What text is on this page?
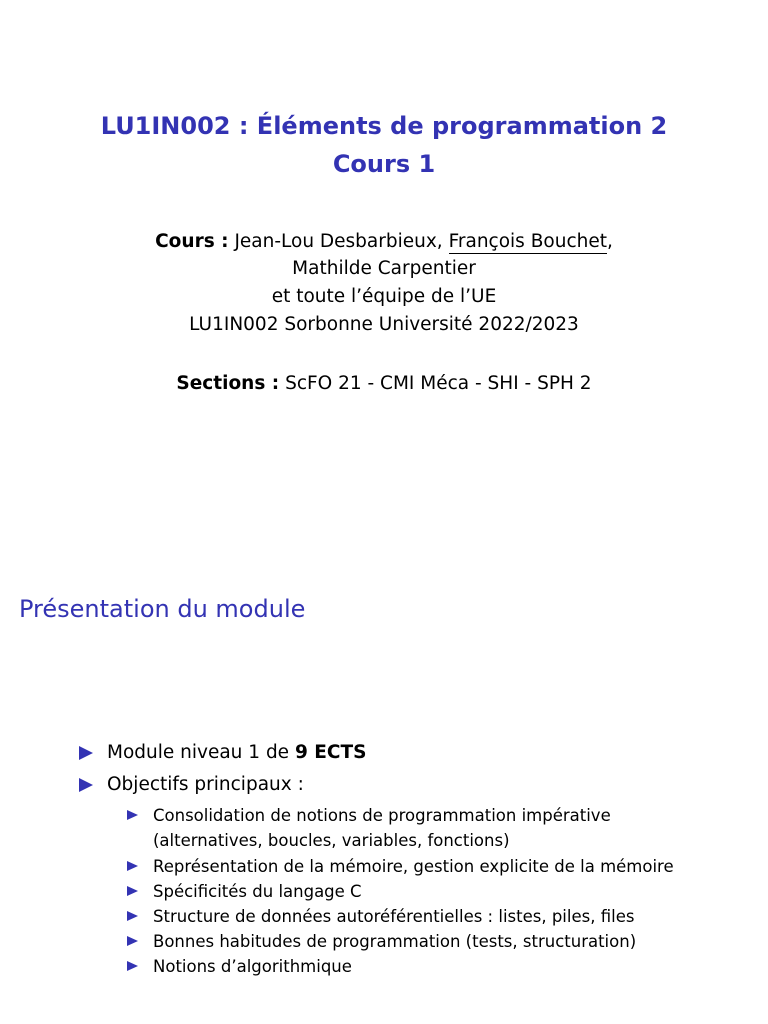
LU1IN002 : Éléments de programmation 2
Cours 1
Cours : Jean-Lou Desbarbieux, François Bouchet,
Mathilde Carpentier
et toute l’équipe de l’UE
LU1IN002 Sorbonne Université 2022/2023
Sections : ScFO 21 - CMI Méca - SHI - SPH 2
Présentation du module
Module niveau 1 de 9 ECTS
Objectifs principaux :
Consolidation de notions de programmation impérative
(alternatives, boucles, variables, fonctions)
Représentation de la mémoire, gestion explicite de la mémoire
Spécificités du langage C
Structure de données autoréférentielles : listes, piles, files
Bonnes habitudes de programmation (tests, structuration)
Notions d’algorithmique
